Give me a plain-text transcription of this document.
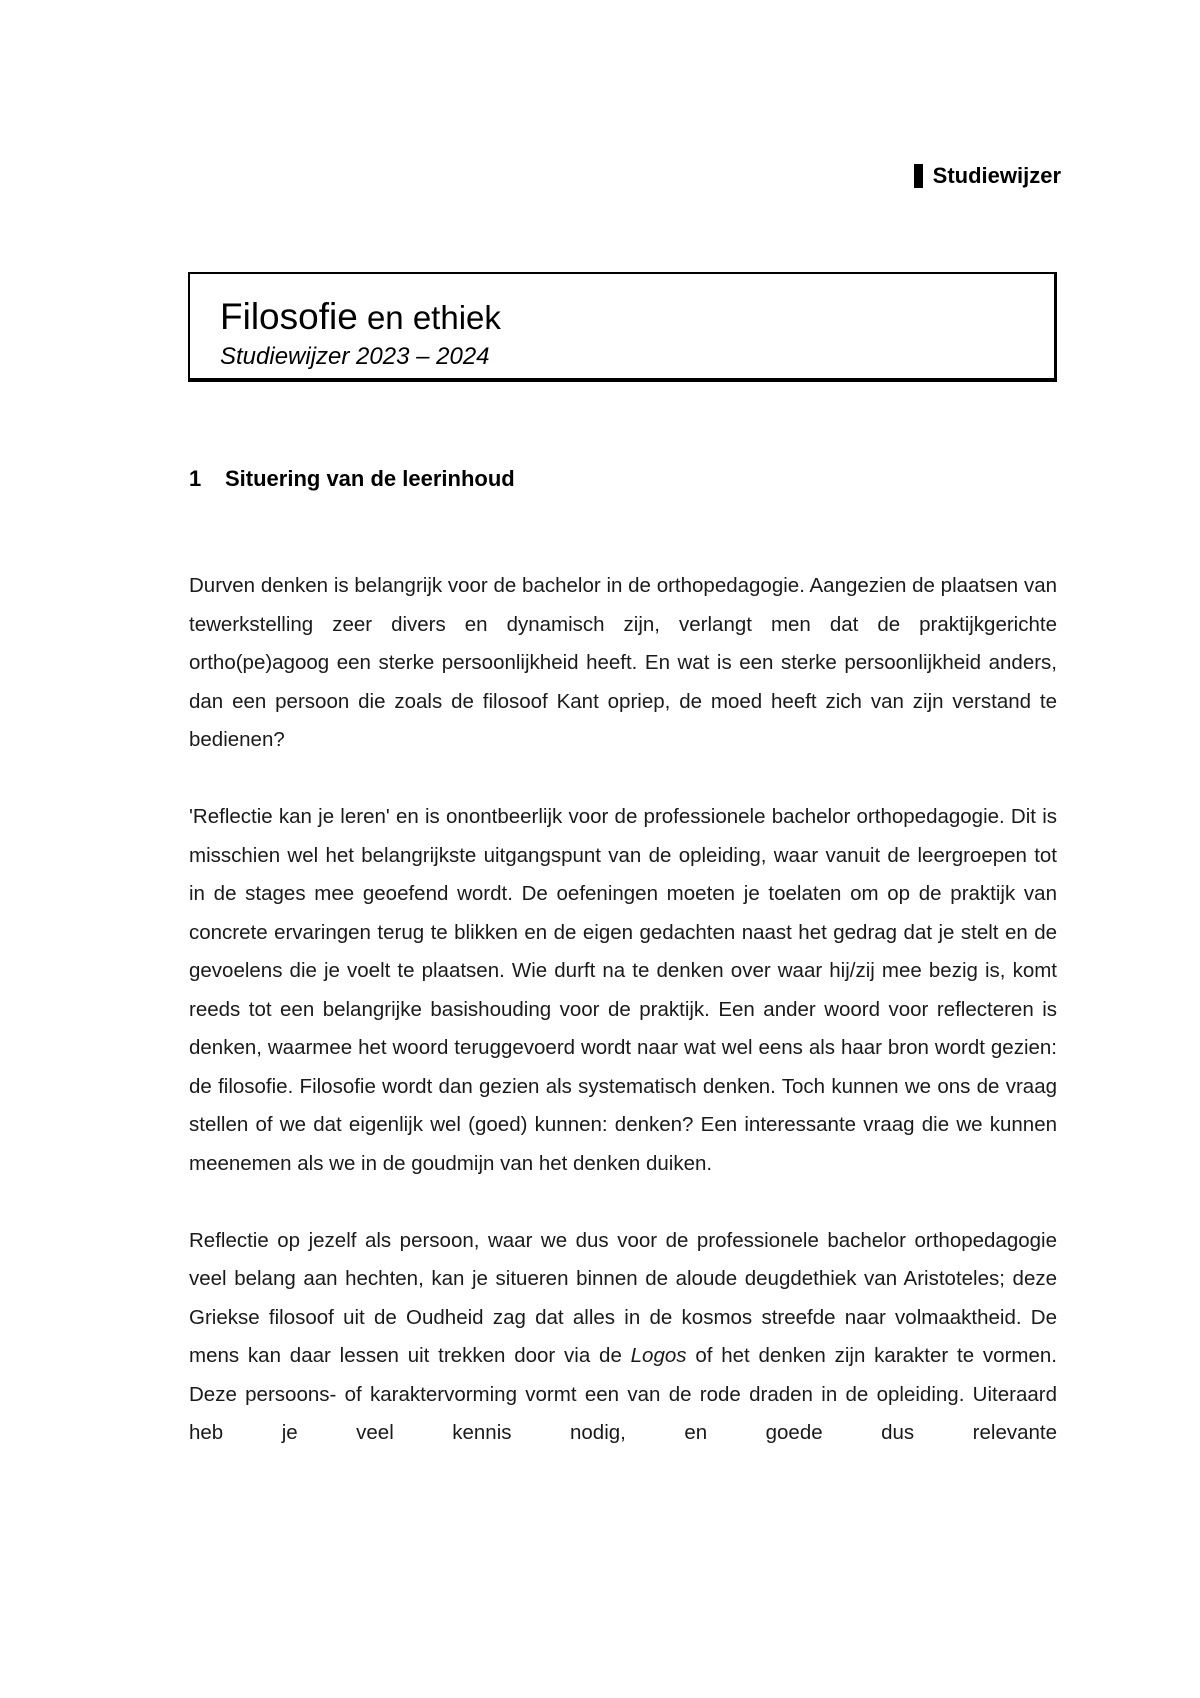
Studiewijzer
Filosofie en ethiek
Studiewijzer 2023 – 2024
1	Situering van de leerinhoud

Durven denken is belangrijk voor de bachelor in de orthopedagogie. Aangezien de plaatsen van tewerkstelling zeer divers en dynamisch zijn, verlangt men dat de praktijkgerichte ortho(pe)agoog een sterke persoonlijkheid heeft. En wat is een sterke persoonlijkheid anders, dan een persoon die zoals de filosoof Kant opriep, de moed heeft zich van zijn verstand te bedienen?

'Reflectie kan je leren' en is onontbeerlijk voor de professionele bachelor orthopedagogie. Dit is misschien wel het belangrijkste uitgangspunt van de opleiding, waar vanuit de leergroepen tot in de stages mee geoefend wordt. De oefeningen moeten je toelaten om op de praktijk van concrete ervaringen terug te blikken en de eigen gedachten naast het gedrag dat je stelt en de gevoelens die je voelt te plaatsen. Wie durft na te denken over waar hij/zij mee bezig is, komt reeds tot een belangrijke basishouding voor de praktijk. Een ander woord voor reflecteren is denken, waarmee het woord teruggevoerd wordt naar wat wel eens als haar bron wordt gezien: de filosofie. Filosofie wordt dan gezien als systematisch denken. Toch kunnen we ons de vraag stellen of we dat eigenlijk wel (goed) kunnen: denken? Een interessante vraag die we kunnen meenemen als we in de goudmijn van het denken duiken.

Reflectie op jezelf als persoon, waar we dus voor de professionele bachelor orthopedagogie veel belang aan hechten, kan je situeren binnen de aloude deugdethiek van Aristoteles; deze Griekse filosoof uit de Oudheid zag dat alles in de kosmos streefde naar volmaaktheid. De mens kan daar lessen uit trekken door via de Logos of het denken zijn karakter te vormen. Deze persoons- of karaktervorming vormt een van de rode draden in de opleiding. Uiteraard heb je veel kennis nodig, en goede dus relevante
